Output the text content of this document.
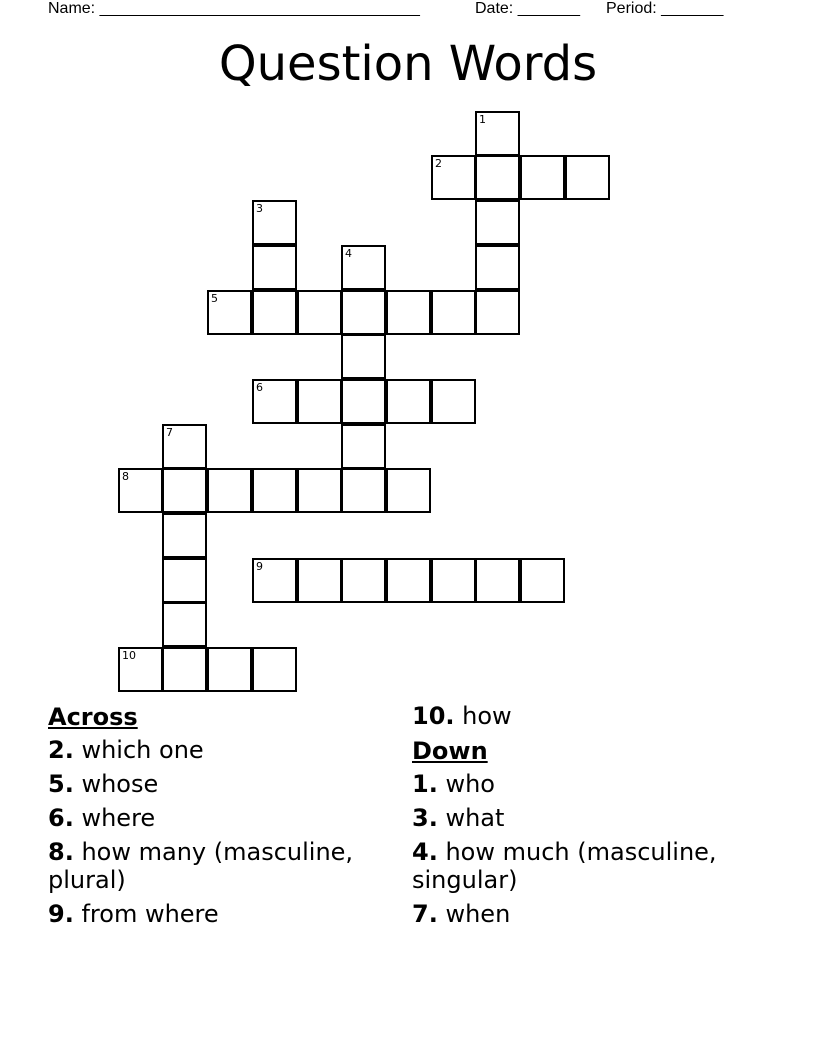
Name: ____________________________________	Date: _______ Period: _______
Question Words
1
2
3
4
5
6
7
8
9
10
Across
2. which one
5. whose
6. where
8. how many (masculine, plural)
9. from where
10. how
Down
1. who
3. what
4. how much (masculine, singular)
7. when
